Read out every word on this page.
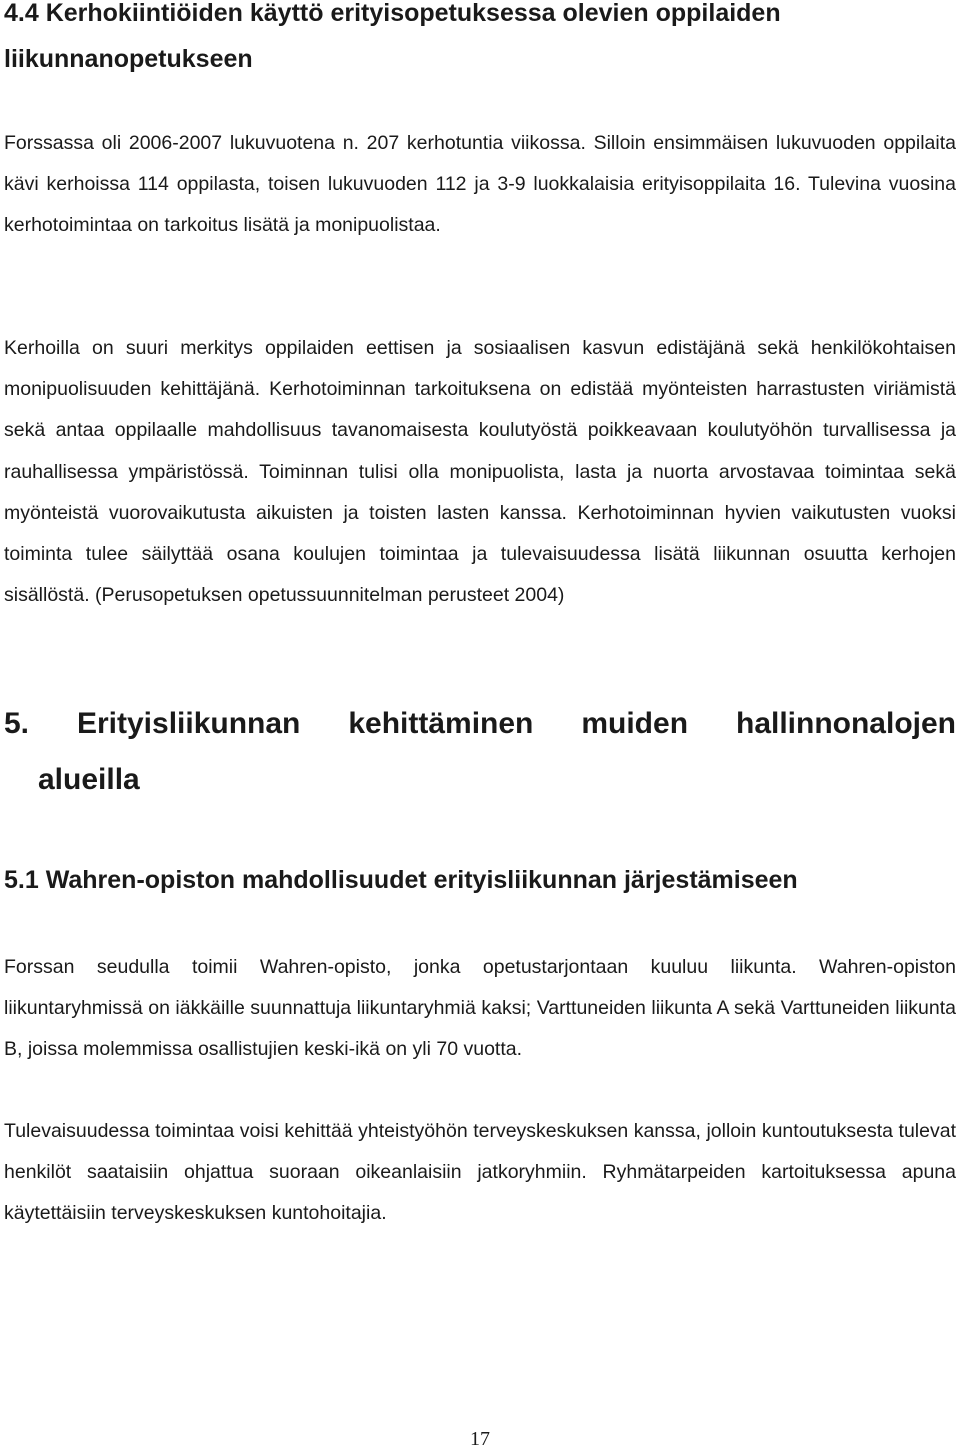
4.4 Kerhokiintiöiden käyttö erityisopetuksessa olevien oppilaiden liikunnanopetukseen

Forssassa oli 2006-2007 lukuvuotena n. 207 kerhotuntia viikossa. Silloin ensimmäisen lukuvuoden oppilaita kävi kerhoissa 114 oppilasta, toisen lukuvuoden 112 ja 3-9 luokkalaisia erityisoppilaita 16. Tulevina vuosina kerhotoimintaa on tarkoitus lisätä ja monipuolistaa.

Kerhoilla on suuri merkitys oppilaiden eettisen ja sosiaalisen kasvun edistäjänä sekä henkilökohtaisen monipuolisuuden kehittäjänä. Kerhotoiminnan tarkoituksena on edistää myönteisten harrastusten viriämistä sekä antaa oppilaalle mahdollisuus tavanomaisesta koulutyöstä poikkeavaan koulutyöhön turvallisessa ja rauhallisessa ympäristössä. Toiminnan tulisi olla monipuolista, lasta ja nuorta arvostavaa toimintaa sekä myönteistä vuorovaikutusta aikuisten ja toisten lasten kanssa. Kerhotoiminnan hyvien vaikutusten vuoksi toiminta tulee säilyttää osana koulujen toimintaa ja tulevaisuudessa lisätä liikunnan osuutta kerhojen sisällöstä. (Perusopetuksen opetussuunnitelman perusteet 2004)

5. Erityisliikunnan kehittäminen muiden hallinnonalojen
alueilla
5.1 Wahren-opiston mahdollisuudet erityisliikunnan järjestämiseen

Forssan seudulla toimii Wahren-opisto, jonka opetustarjontaan kuuluu liikunta. Wahren-opiston liikuntaryhmissä on iäkkäille suunnattuja liikuntaryhmiä kaksi; Varttuneiden liikunta A sekä Varttuneiden liikunta B, joissa molemmissa osallistujien keski-ikä on yli 70 vuotta.

Tulevaisuudessa toimintaa voisi kehittää yhteistyöhön terveyskeskuksen kanssa, jolloin kuntoutuksesta tulevat henkilöt saataisiin ohjattua suoraan oikeanlaisiin jatkoryhmiin. Ryhmätarpeiden kartoituksessa apuna käytettäisiin terveyskeskuksen kuntohoitajia.

17
